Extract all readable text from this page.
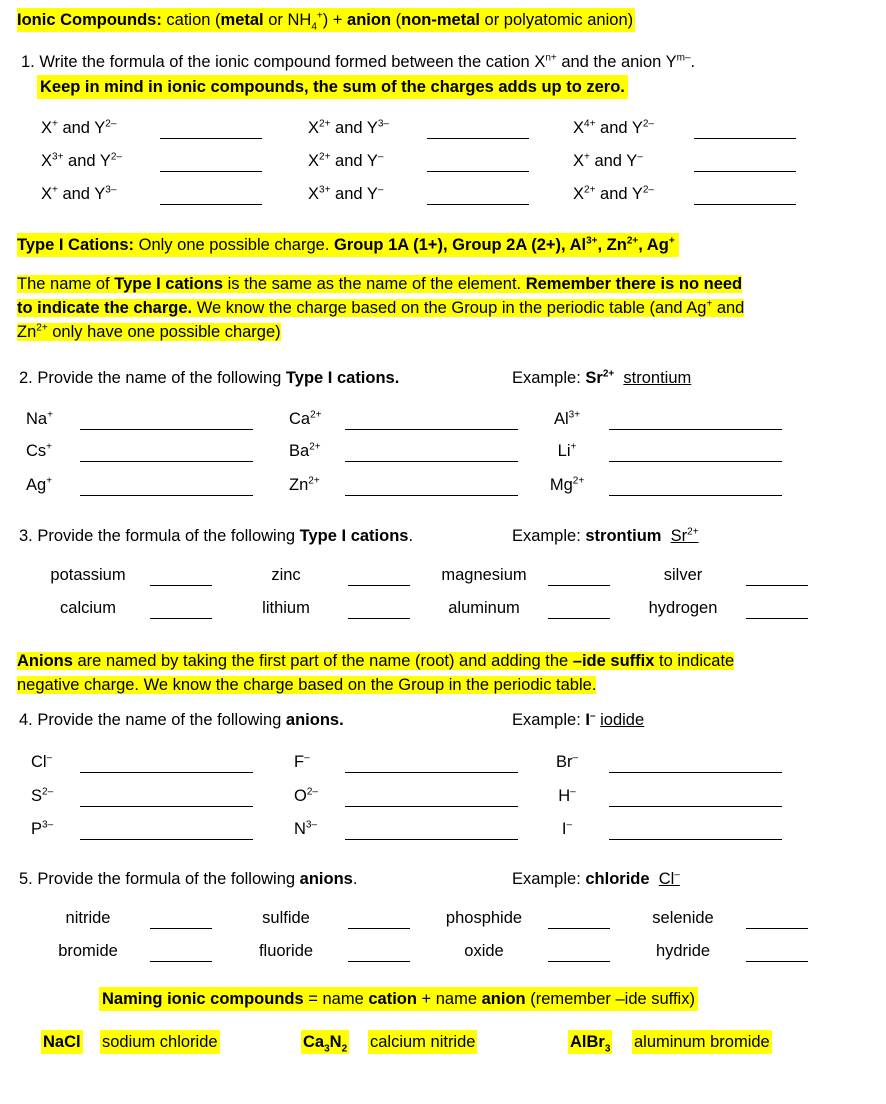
Ionic Compounds: cation (metal or $NH_4^+$) + anion (non-metal or polyatomic anion)
1. Write the formula of the ionic compound formed between the cation $X^{n+}$ and the anion $Y^{m-}$.
Keep in mind in ionic compounds, the sum of the charges adds up to zero.
X+ and $Y^{2-}$	$X^{2+}$ and $Y^{3-}$	$X^{4+}$ and $Y^{2-}$
$X^{3+}$ and $Y^{2-}$	$X^{2+}$ and Y–	X+ and Y–
X+ and $Y^{3-}$	$X^{3+}$ and Y–	$X^{2+}$ and $Y^{2-}$
Type I Cations: Only one possible charge. Group 1A (1+), Group 2A (2+), $Al^{3+}$, $Zn^{2+}$, Ag+
The name of Type I cations is the same as the name of the element. Remember there is no need
to indicate the charge. We know the charge based on the Group in the periodic table (and Ag+ and
$Zn^{2+}$ only have one possible charge)
2. Provide the name of the following Type I cations.	Example: $Sr^{2+}$ strontium
Na+	$Ca^{2+}$	$Al^{3+}$
Cs+	$Ba^{2+}$	Li+
Ag+	$Zn^{2+}$	$Mg^{2+}$
3. Provide the formula of the following Type I cations.	Example: strontium $Sr^{2+}$
potassium	zinc	magnesium	silver
calcium	lithium	aluminum	hydrogen
Anions are named by taking the first part of the name (root) and adding the –ide suffix to indicate
negative charge. We know the charge based on the Group in the periodic table.
4. Provide the name of the following anions.	Example: I– iodide
Cl–	F–	Br–
$S^{2-}$	$O^{2-}$	H–
$P^{3-}$	$N^{3-}$	I–
5. Provide the formula of the following anions.	Example: chloride Cl–
nitride	sulfide	phosphide	selenide
bromide	fluoride	oxide	hydride
Naming ionic compounds = name cation + name anion (remember –ide suffix)
NaCl sodium chloride	$Ca_3N_2$ calcium nitride	AlBr$_3$ aluminum bromide
